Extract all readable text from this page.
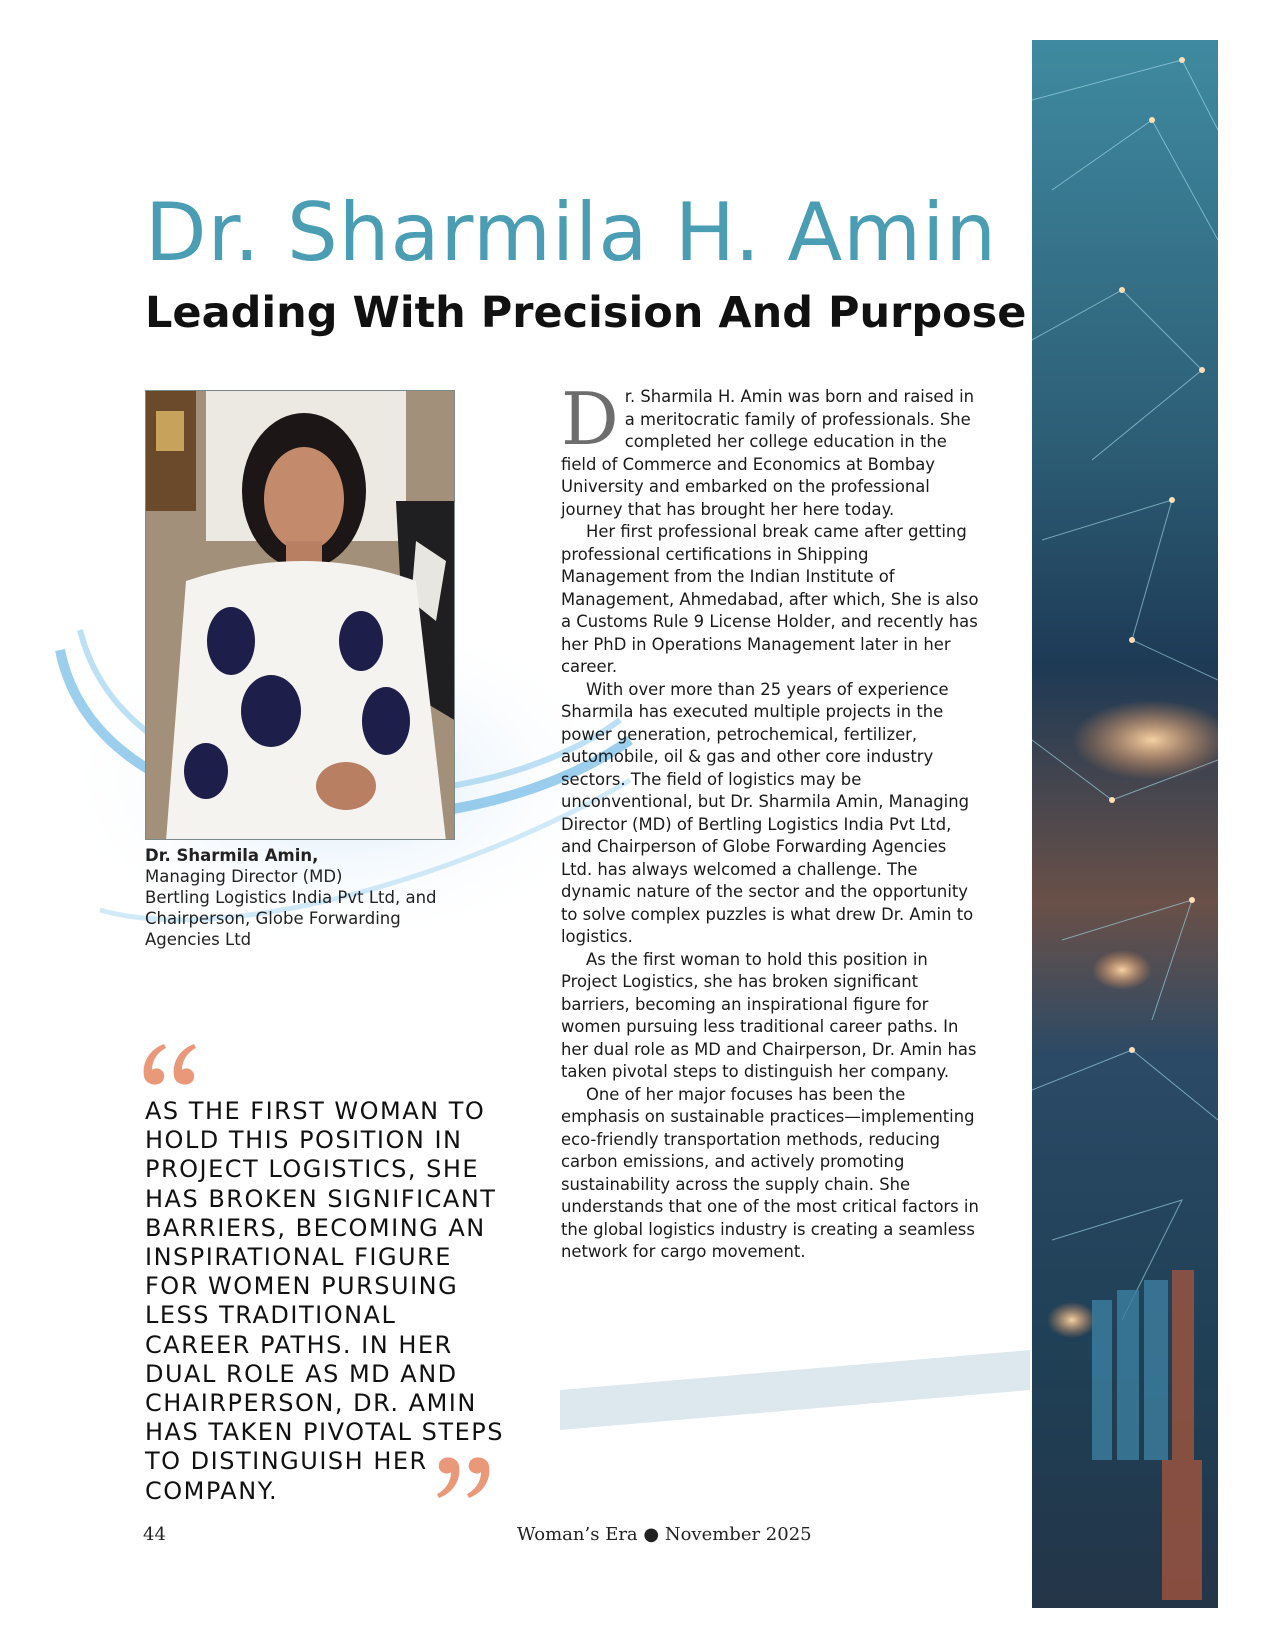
Dr. Sharmila H. Amin
Leading With Precision And Purpose
Dr. Sharmila Amin,
Managing Director (MD)
Bertling Logistics India Pvt Ltd, and
Chairperson, Globe Forwarding
Agencies Ltd
AS THE FIRST WOMAN TO
HOLD THIS POSITION IN
PROJECT LOGISTICS, SHE
HAS BROKEN SIGNIFICANT
BARRIERS, BECOMING AN
INSPIRATIONAL FIGURE
FOR WOMEN PURSUING
LESS TRADITIONAL
CAREER PATHS. IN HER
DUAL ROLE AS MD AND
CHAIRPERSON, DR. AMIN
HAS TAKEN PIVOTAL STEPS
TO DISTINGUISH HER
COMPANY.

Dr. Sharmila H. Amin was born and raised in a meritocratic family of professionals. She completed her college education in the field of Commerce and Economics at Bombay University and embarked on the professional journey that has brought her here today.

Her first professional break came after getting professional certifications in Shipping Management from the Indian Institute of Management, Ahmedabad, after which, She is also a Customs Rule 9 License Holder, and recently has her PhD in Operations Management later in her career.

With over more than 25 years of experience Sharmila has executed multiple projects in the power generation, petrochemical, fertilizer, automobile, oil & gas and other core industry sectors. The field of logistics may be unconventional, but Dr. Sharmila Amin, Managing Director (MD) of Bertling Logistics India Pvt Ltd, and Chairperson of Globe Forwarding Agencies Ltd. has always welcomed a challenge. The dynamic nature of the sector and the opportunity to solve complex puzzles is what drew Dr. Amin to logistics.

As the first woman to hold this position in Project Logistics, she has broken significant barriers, becoming an inspirational figure for women pursuing less traditional career paths. In her dual role as MD and Chairperson, Dr. Amin has taken pivotal steps to distinguish her company.

One of her major focuses has been the emphasis on sustainable practices—implementing eco-friendly transportation methods, reducing carbon emissions, and actively promoting sustainability across the supply chain. She understands that one of the most critical factors in the global logistics industry is creating a seamless network for cargo movement.

44	Woman’s Era ● November 2025
